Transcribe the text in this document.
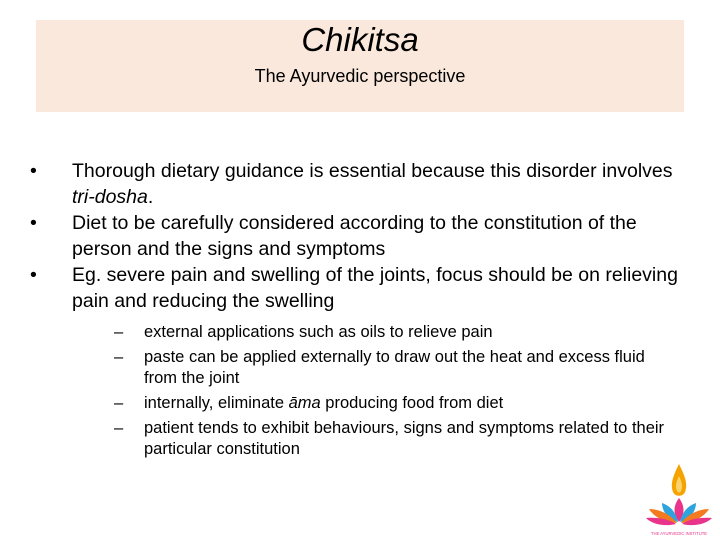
Chikitsa
The Ayurvedic perspective
•	Thorough dietary guidance is essential because this disorder involves tri-dosha.
•	Diet to be carefully considered according to the constitution of the person and the signs and symptoms
•	Eg. severe pain and swelling of the joints, focus should be on relieving pain and reducing the swelling
– external applications such as oils to relieve pain
– paste can be applied externally to draw out the heat and excess fluid from the joint
– internally, eliminate āma producing food from diet
– patient tends to exhibit behaviours, signs and symptoms related to their particular constitution
THE AYURVEDIC INSTITUTE
